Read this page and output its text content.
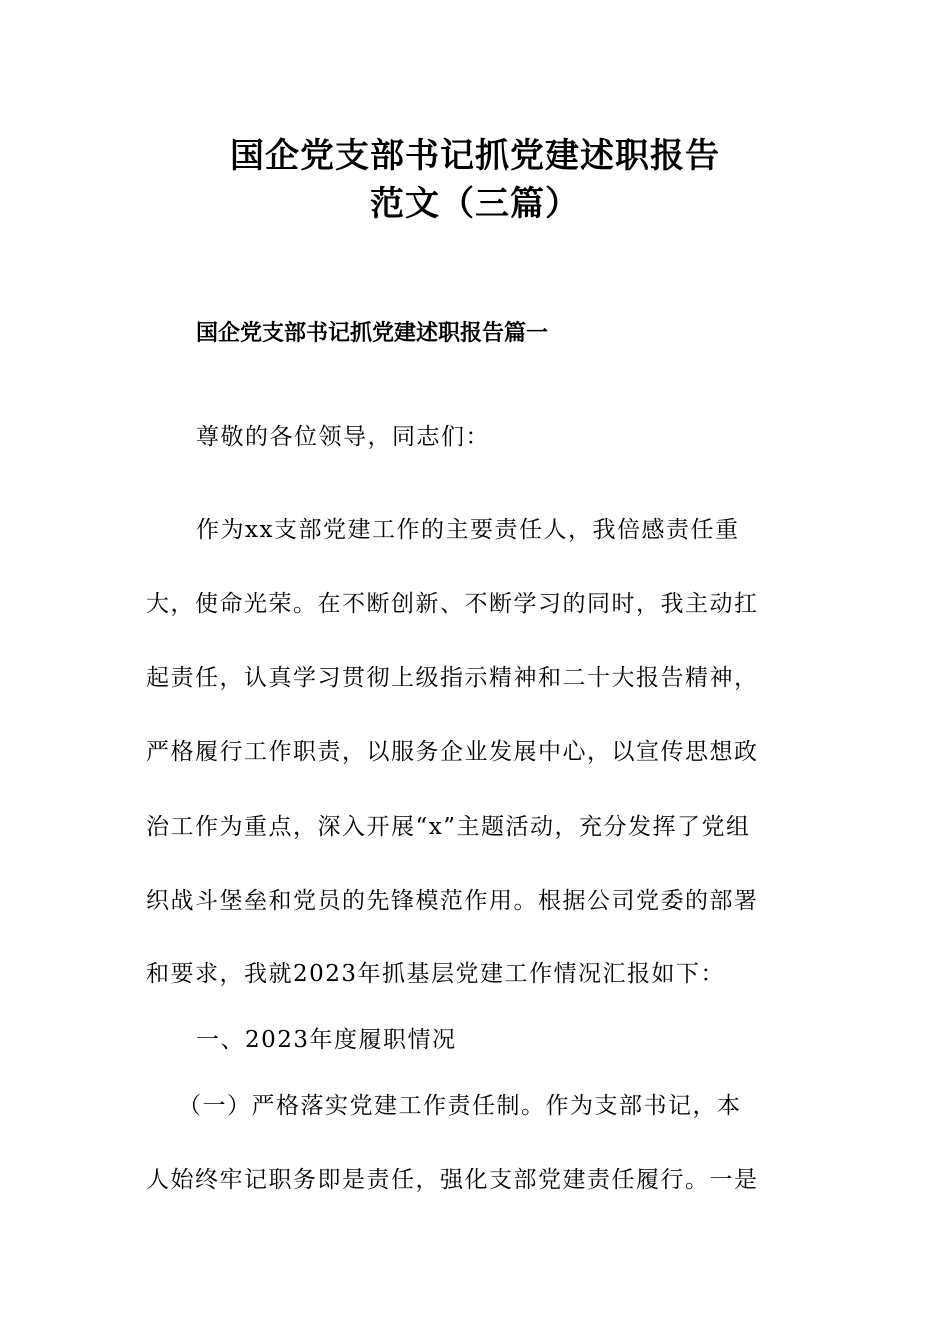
国企党支部书记抓党建述职报告
范文（三篇）
国企党支部书记抓党建述职报告篇一
尊敬的各位领导，同志们：
作为xx支部党建工作的主要责任人，我倍感责任重
大，使命光荣。在不断创新、不断学习的同时，我主动扛
起责任，认真学习贯彻上级指示精神和二十大报告精神，
严格履行工作职责，以服务企业发展中心，以宣传思想政
治工作为重点，深入开展“x”主题活动，充分发挥了党组
织战斗堡垒和党员的先锋模范作用。根据公司党委的部署
和要求，我就2023年抓基层党建工作情况汇报如下：
一、2023年度履职情况
（一）严格落实党建工作责任制。作为支部书记，本
人始终牢记职务即是责任，强化支部党建责任履行。一是
